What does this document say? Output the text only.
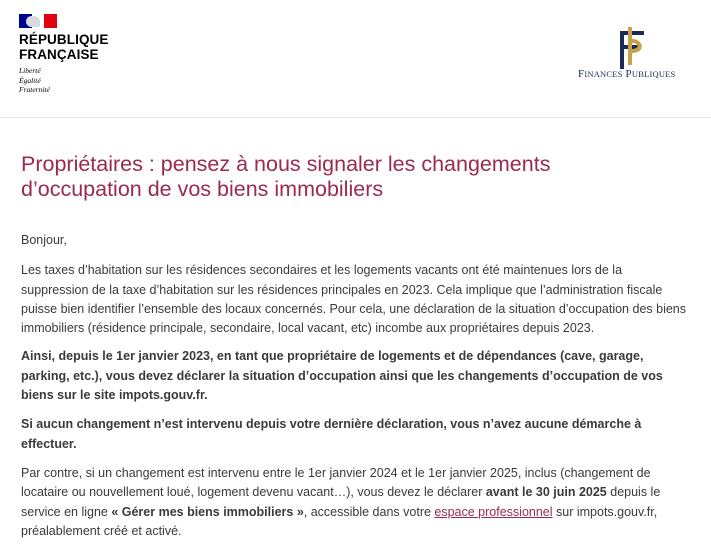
RÉPUBLIQUE
FRANÇAISE
Liberté
Égalité
Fraternité
FINANCES PUBLIQUES
Propriétaires : pensez à nous signaler les changements
d’occupation de vos biens immobiliers

Bonjour,

Les taxes d’habitation sur les résidences secondaires et les logements vacants ont été maintenues lors de la
suppression de la taxe d’habitation sur les résidences principales en 2023. Cela implique que l’administration fiscale
puisse bien identifier l’ensemble des locaux concernés. Pour cela, une déclaration de la situation d’occupation des biens
immobiliers (résidence principale, secondaire, local vacant, etc) incombe aux propriétaires depuis 2023.
Ainsi, depuis le 1er janvier 2023, en tant que propriétaire de logements et de dépendances (cave, garage,
parking, etc.), vous devez déclarer la situation d’occupation ainsi que les changements d’occupation de vos
biens sur le site impots.gouv.fr.
Si aucun changement n’est intervenu depuis votre dernière déclaration, vous n’avez aucune démarche à
effectuer.
Par contre, si un changement est intervenu entre le 1er janvier 2024 et le 1er janvier 2025, inclus (changement de
locataire ou nouvellement loué, logement devenu vacant…), vous devez le déclarer avant le 30 juin 2025 depuis le
service en ligne « Gérer mes biens immobiliers », accessible dans votre espace professionnel sur impots.gouv.fr,
préalablement créé et activé.
